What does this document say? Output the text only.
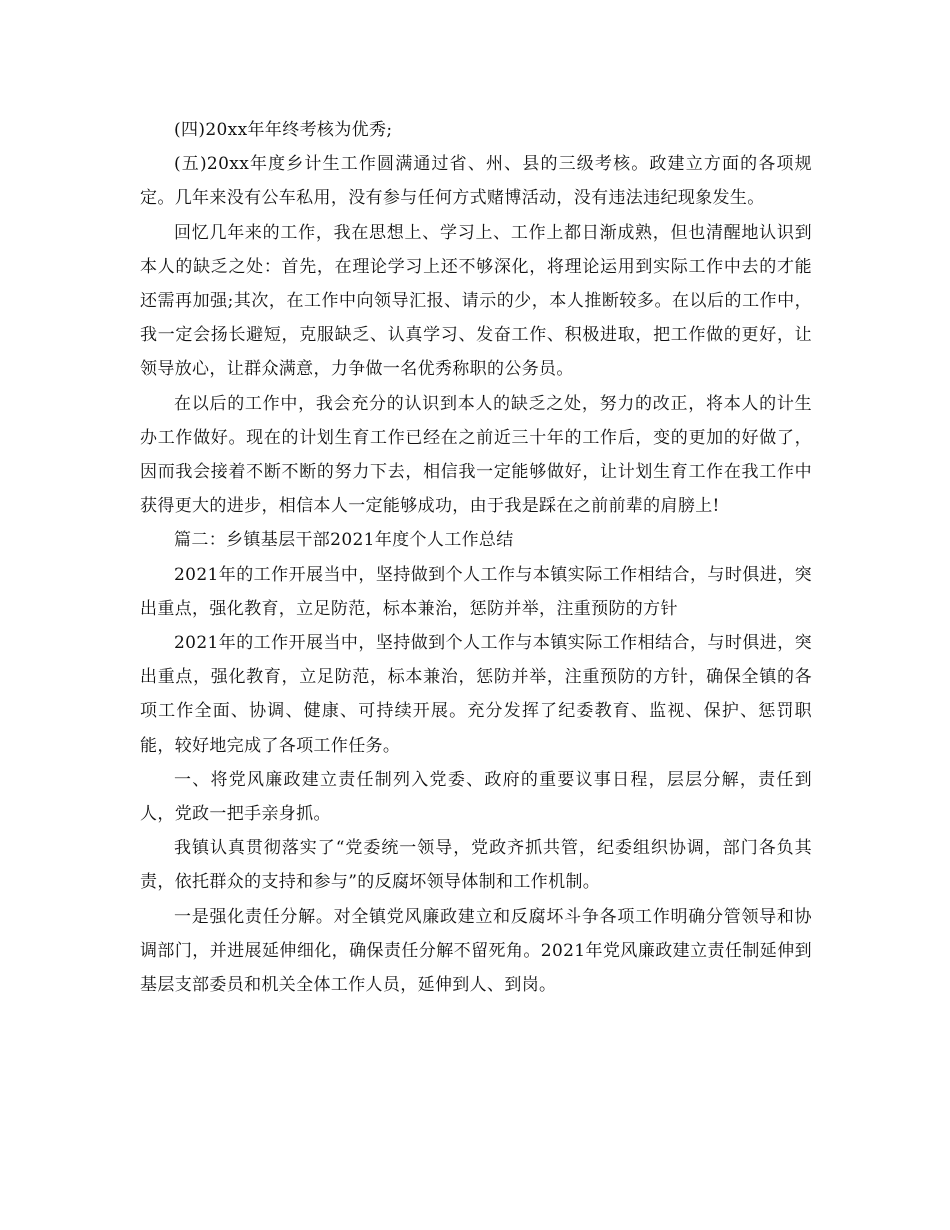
(四)20xx年年终考核为优秀;

(五)20xx年度乡计生工作圆满通过省、州、县的三级考核。政建立方面的各项规定。几年来没有公车私用，没有参与任何方式赌博活动，没有违法违纪现象发生。

回忆几年来的工作，我在思想上、学习上、工作上都日渐成熟，但也清醒地认识到本人的缺乏之处：首先，在理论学习上还不够深化，将理论运用到实际工作中去的才能还需再加强;其次，在工作中向领导汇报、请示的少，本人推断较多。在以后的工作中，我一定会扬长避短，克服缺乏、认真学习、发奋工作、积极进取，把工作做的更好，让领导放心，让群众满意，力争做一名优秀称职的公务员。

在以后的工作中，我会充分的认识到本人的缺乏之处，努力的改正，将本人的计生办工作做好。现在的计划生育工作已经在之前近三十年的工作后，变的更加的好做了，因而我会接着不断不断的努力下去，相信我一定能够做好，让计划生育工作在我工作中获得更大的进步，相信本人一定能够成功，由于我是踩在之前前辈的肩膀上!

篇二：乡镇基层干部2021年度个人工作总结

2021年的工作开展当中，坚持做到个人工作与本镇实际工作相结合，与时俱进，突出重点，强化教育，立足防范，标本兼治，惩防并举，注重预防的方针

2021年的工作开展当中，坚持做到个人工作与本镇实际工作相结合，与时俱进，突出重点，强化教育，立足防范，标本兼治，惩防并举，注重预防的方针，确保全镇的各项工作全面、协调、健康、可持续开展。充分发挥了纪委教育、监视、保护、惩罚职能，较好地完成了各项工作任务。

一、将党风廉政建立责任制列入党委、政府的重要议事日程，层层分解，责任到人，党政一把手亲身抓。

我镇认真贯彻落实了“党委统一领导，党政齐抓共管，纪委组织协调，部门各负其责，依托群众的支持和参与”的反腐坏领导体制和工作机制。

一是强化责任分解。对全镇党风廉政建立和反腐坏斗争各项工作明确分管领导和协调部门，并进展延伸细化，确保责任分解不留死角。2021年党风廉政建立责任制延伸到基层支部委员和机关全体工作人员，延伸到人、到岗。
